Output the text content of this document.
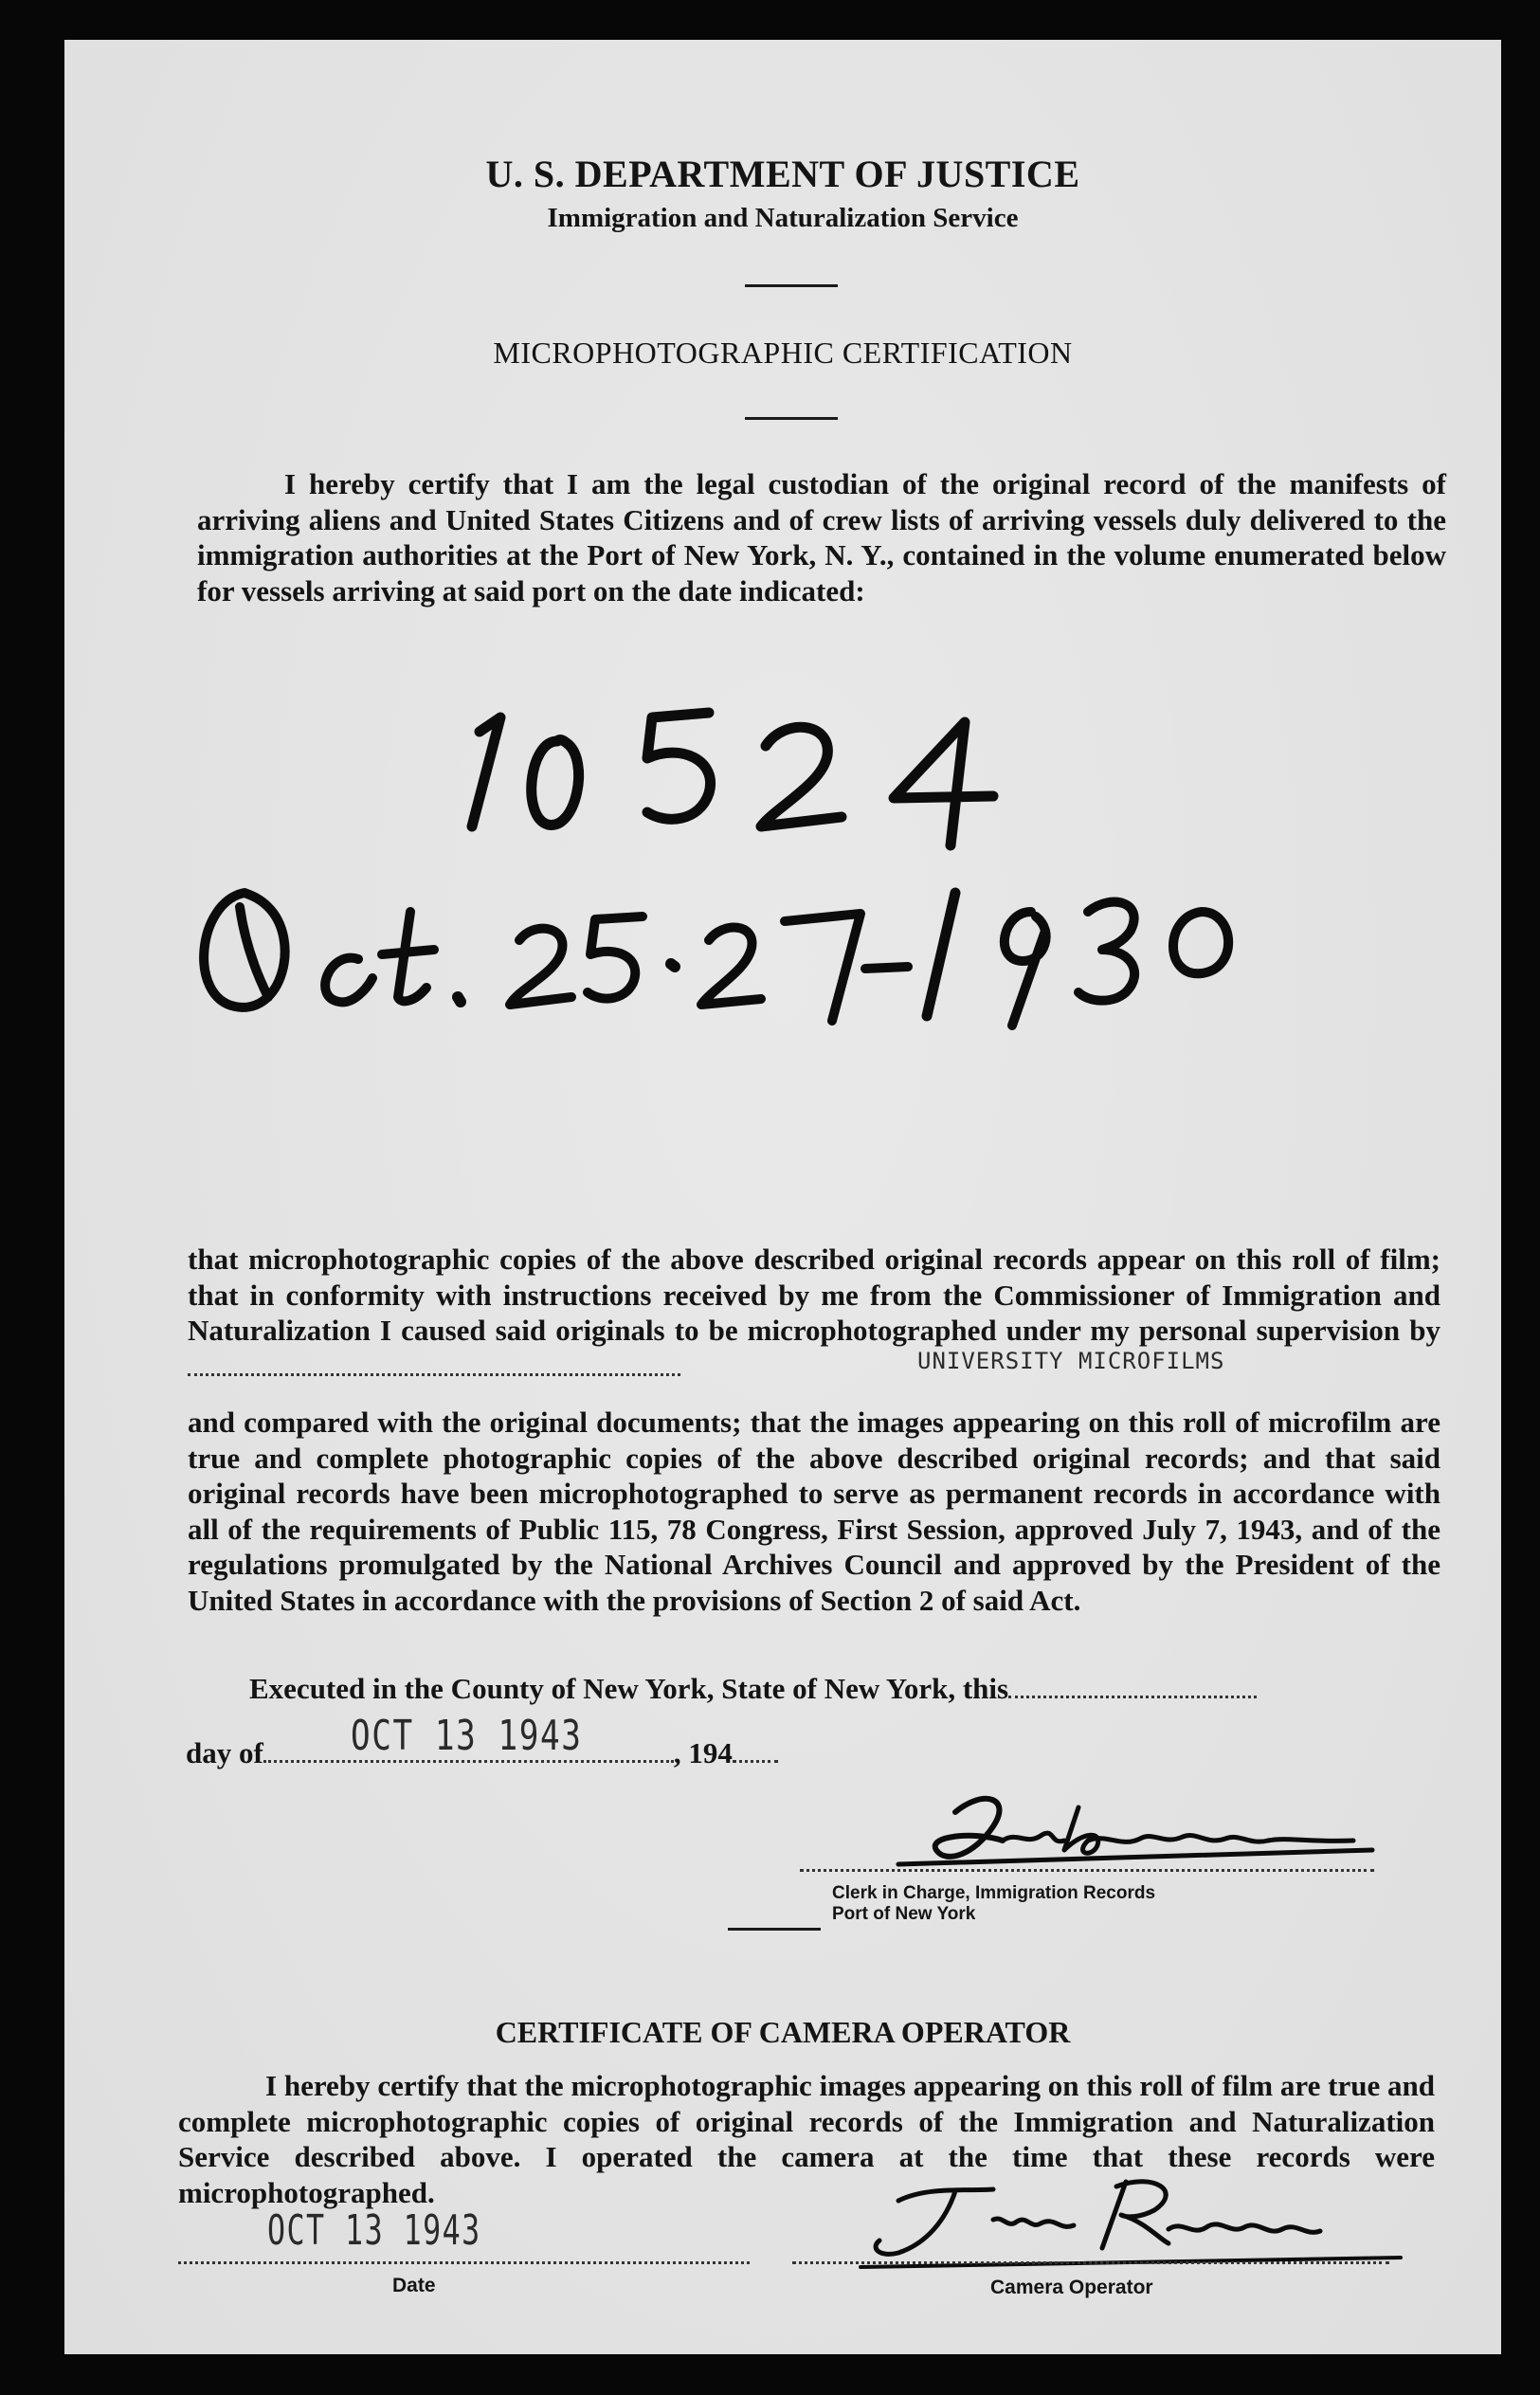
U. S. DEPARTMENT OF JUSTICE
Immigration and Naturalization Service
MICROPHOTOGRAPHIC CERTIFICATION
I hereby certify that I am the legal custodian of the original record of the manifests of arriving aliens and United States Citizens and of crew lists of arriving vessels duly delivered to the immigration authorities at the Port of New York, N. Y., contained in the volume enumerated below for vessels arriving at said port on the date indicated:
that microphotographic copies of the above described original records appear on this roll of film; that in conformity with instructions received by me from the Commissioner of Immigration and Naturalization I caused said originals to be microphotographed under my personal supervision by
UNIVERSITY MICROFILMS
and compared with the original documents; that the images appearing on this roll of microfilm are true and complete photographic copies of the above described original records; and that said original records have been microphotographed to serve as permanent records in accordance with all of the requirements of Public 115, 78 Congress, First Session, approved July 7, 1943, and of the regulations promulgated by the National Archives Council and approved by the President of the United States in accordance with the provisions of Section 2 of said Act.
Executed in the County of New York, State of New York, this
day of	, 194
OCT 13 1943
Clerk in Charge, Immigration Records
Port of New York
CERTIFICATE OF CAMERA OPERATOR
I hereby certify that the microphotographic images appearing on this roll of film are true and complete microphotographic copies of original records of the Immigration and Naturalization Service described above. I operated the camera at the time that these records were microphotographed.
OCT 13 1943
Date	Camera Operator
